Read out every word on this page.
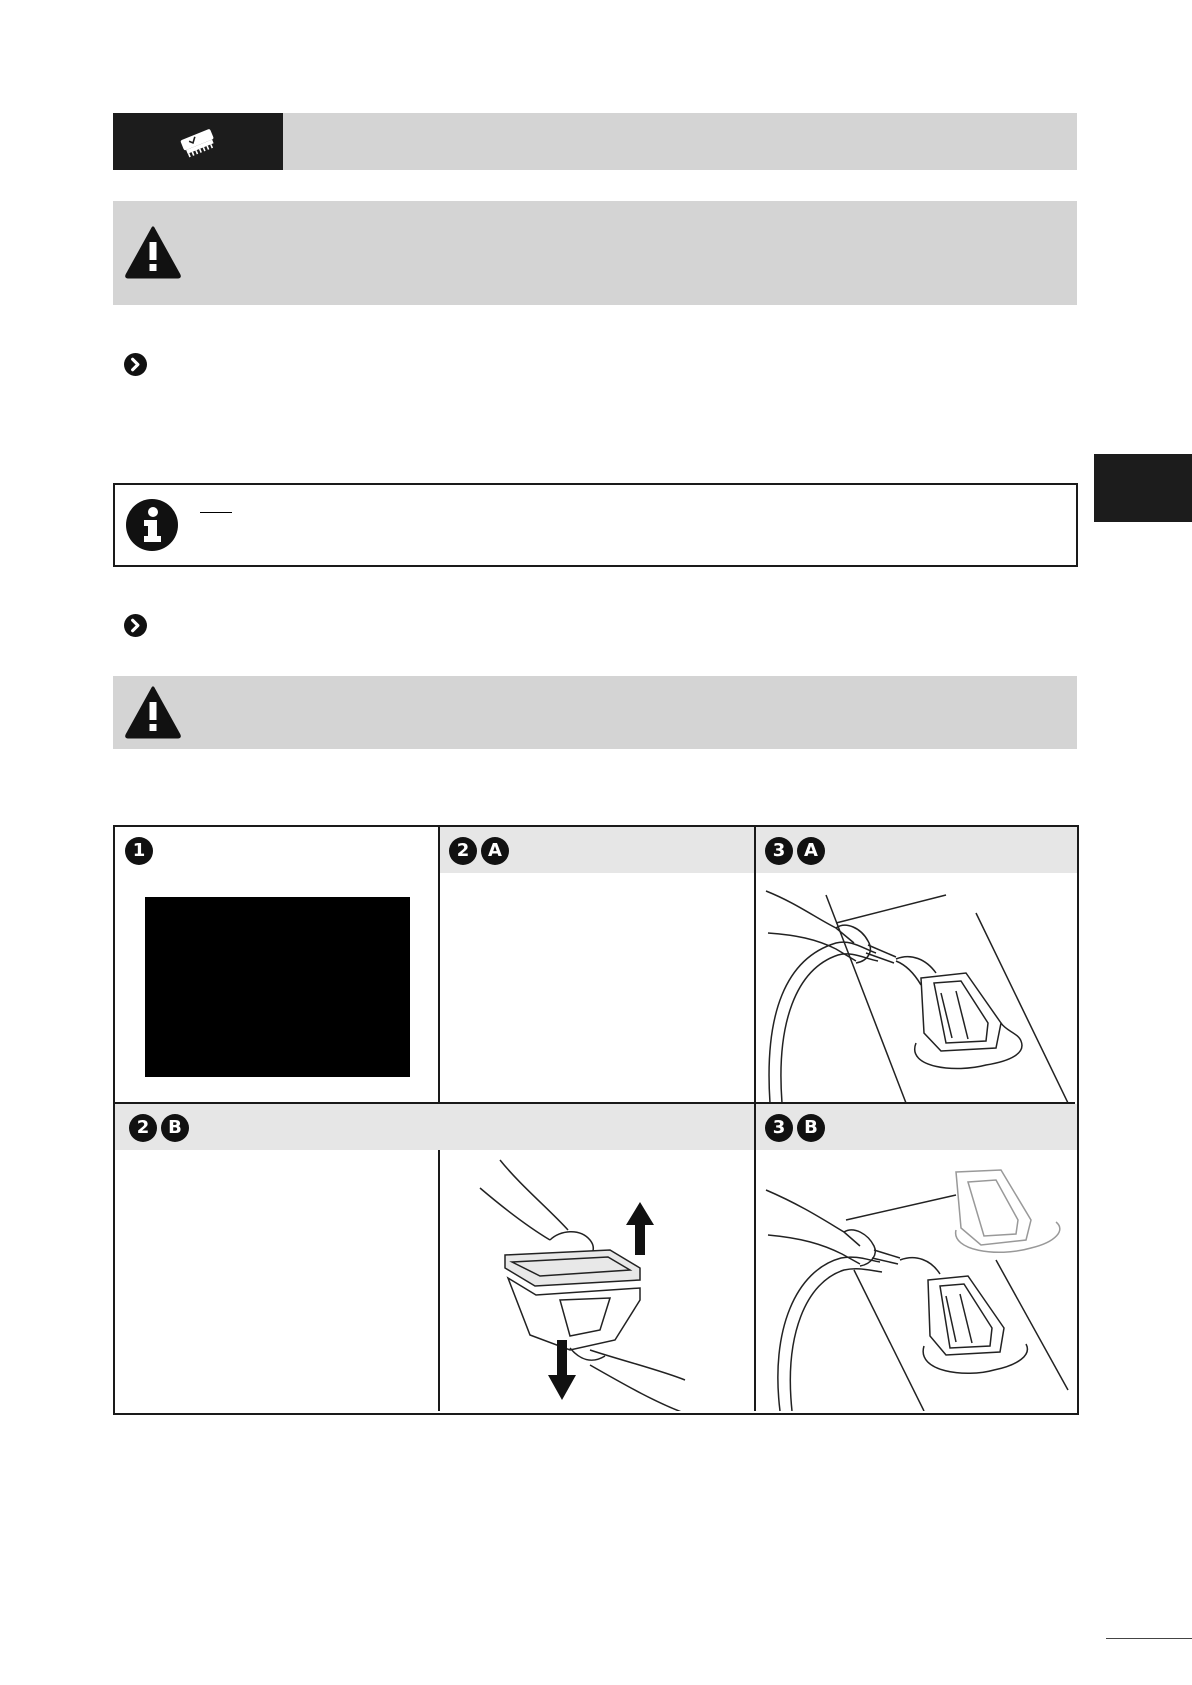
1	2	A	3	A
2	B	3	B
